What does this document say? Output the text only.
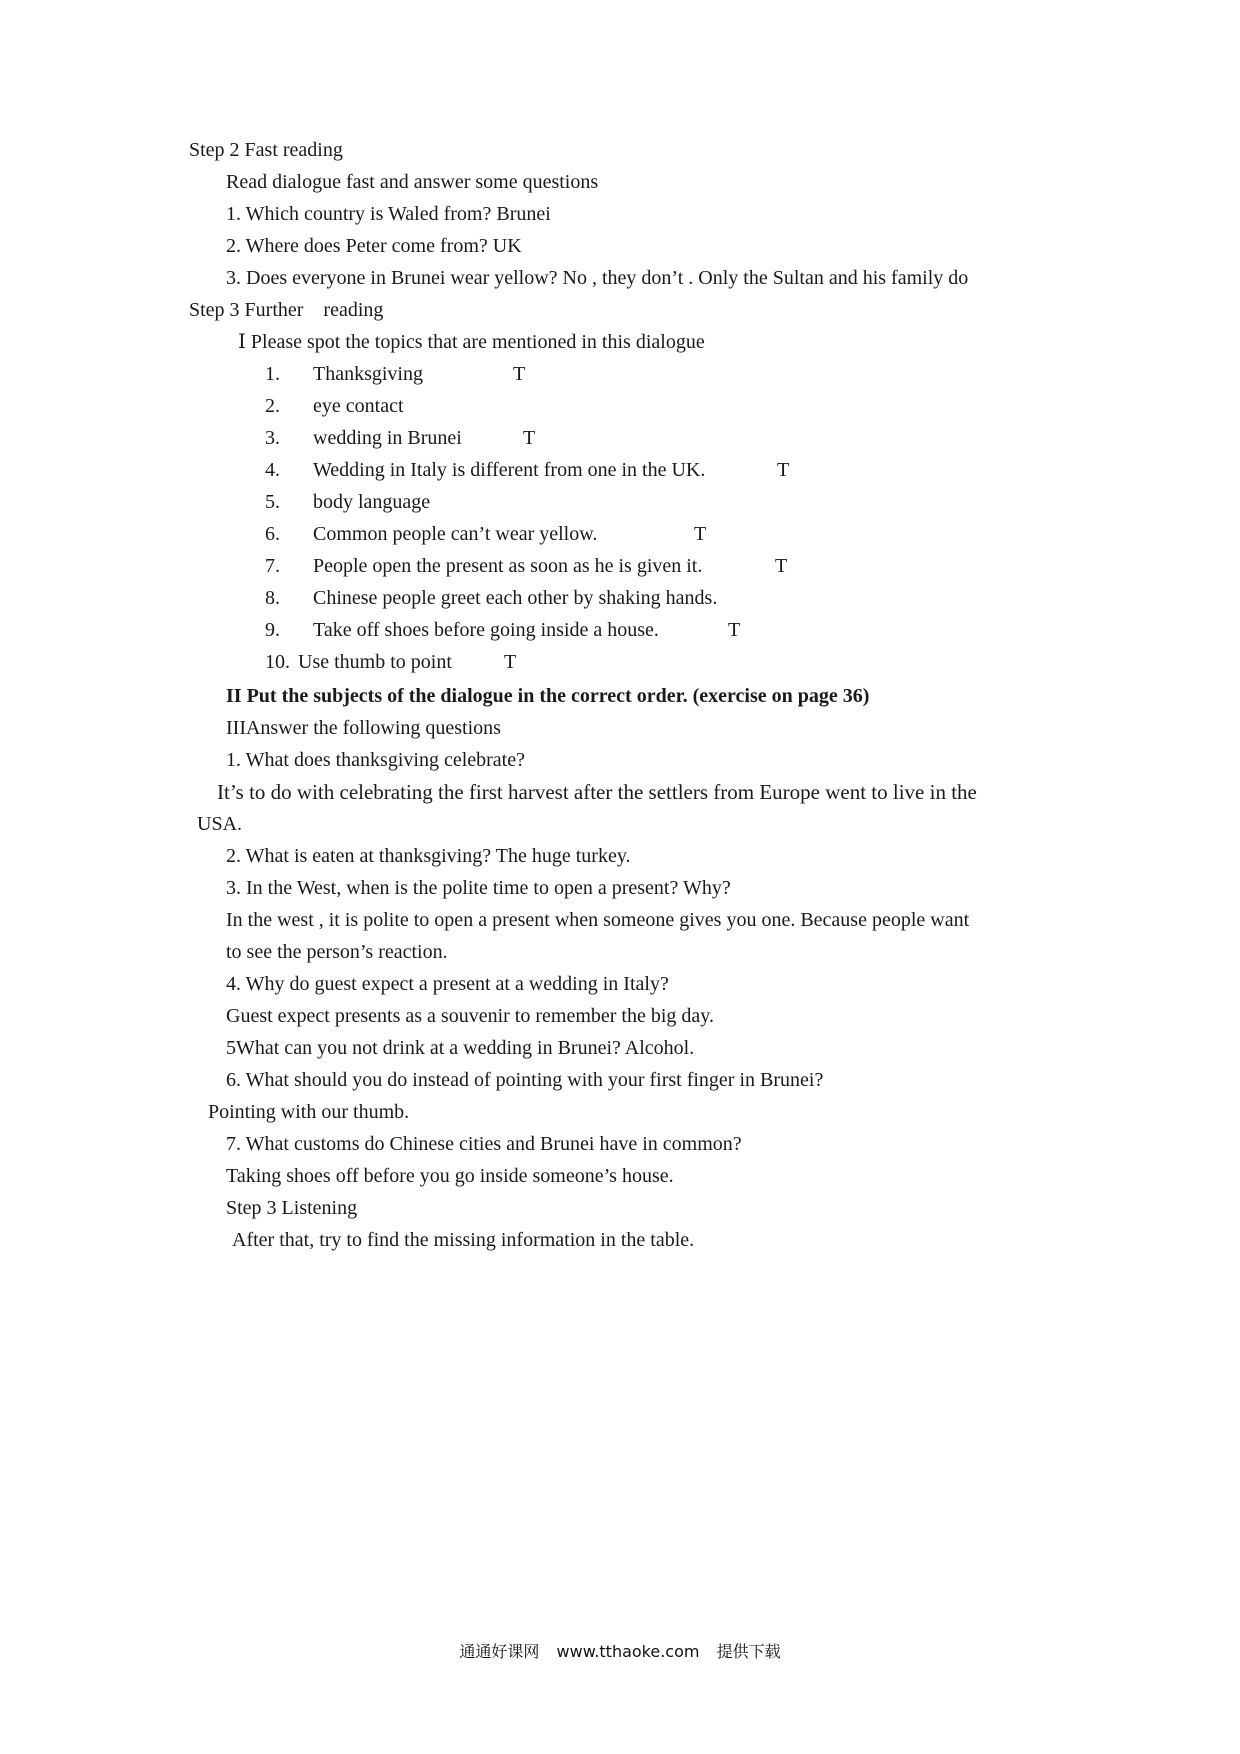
Step 2 Fast reading
Read dialogue fast and answer some questions
1. Which country is Waled from? Brunei
2. Where does Peter come from? UK
3. Does everyone in Brunei wear yellow? No , they don’t . Only the Sultan and his family do
Step 3 Further    reading
Ⅰ Please spot the topics that are mentioned in this dialogue
1. Thanksgiving	T
2. eye contact
3. wedding in Brunei	T
4. Wedding in Italy is different from one in the UK.	T
5. body language
6. Common people can’t wear yellow.	T
7. People open the present as soon as he is given it.	T
8. Chinese people greet each other by shaking hands.
9. Take off shoes before going inside a house.	T
10. Use thumb to point	T
II Put the subjects of the dialogue in the correct order. (exercise on page 36)
IIIAnswer the following questions
1. What does thanksgiving celebrate?
It’s to do with celebrating the first harvest after the settlers from Europe went to live in the
USA.
2. What is eaten at thanksgiving? The huge turkey.
3. In the West, when is the polite time to open a present? Why?
In the west , it is polite to open a present when someone gives you one. Because people want
to see the person’s reaction.
4. Why do guest expect a present at a wedding in Italy?
Guest expect presents as a souvenir to remember the big day.
5What can you not drink at a wedding in Brunei? Alcohol.
6. What should you do instead of pointing with your first finger in Brunei?
Pointing with our thumb.
7. What customs do Chinese cities and Brunei have in common?
Taking shoes off before you go inside someone’s house.
Step 3 Listening
After that, try to find the missing information in the table.
通通好课网 www.tthaoke.com 提供下载
